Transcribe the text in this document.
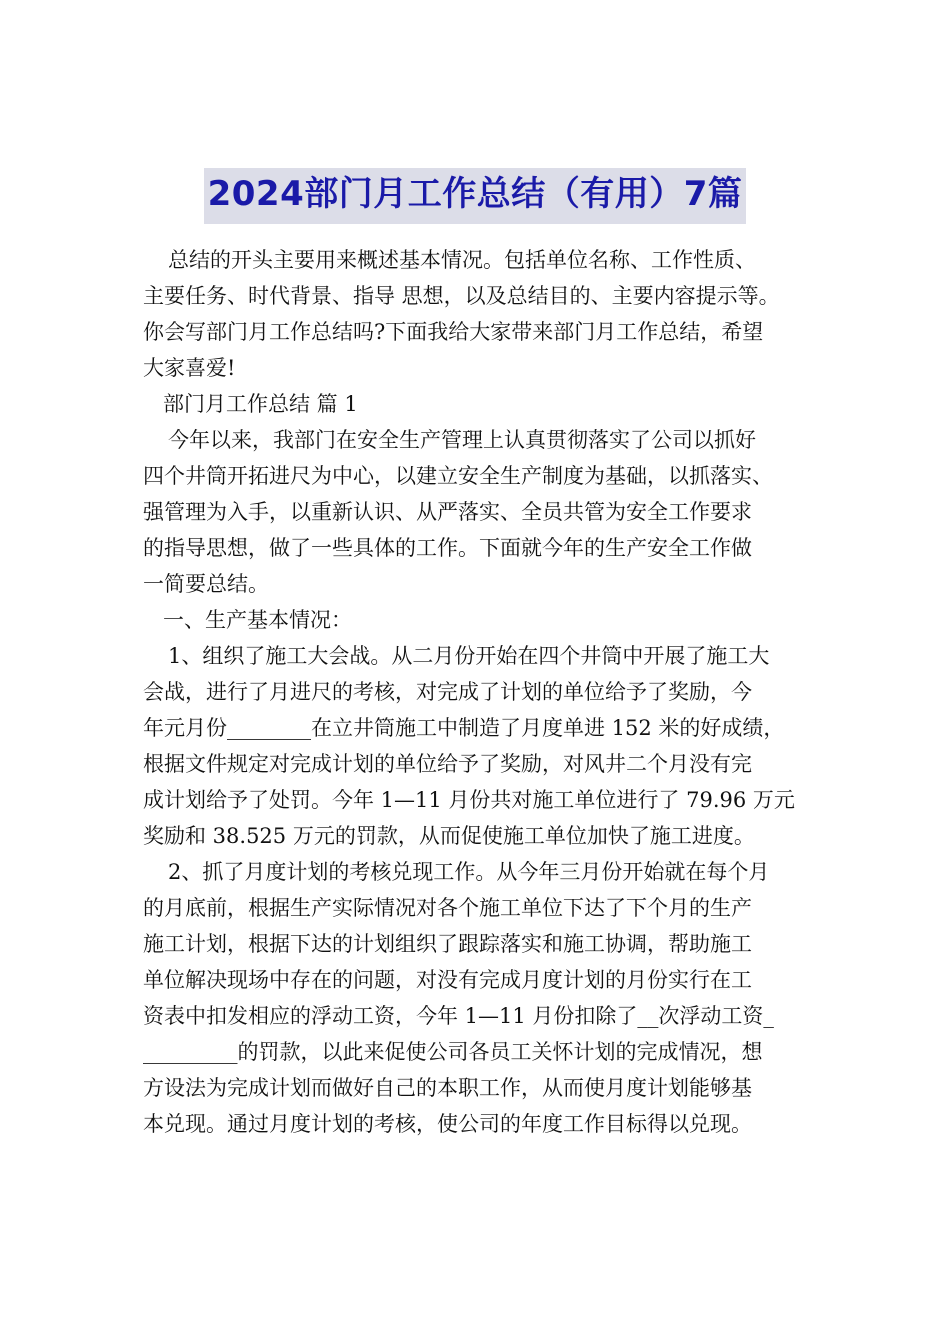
2024部门月工作总结（有用）7篇
总结的开头主要用来概述基本情况。包括单位名称、工作性质、
主要任务、时代背景、指导 思想，以及总结目的、主要内容提示等。
你会写部门月工作总结吗?下面我给大家带来部门月工作总结，希望
大家喜爱!
部门月工作总结 篇 1
今年以来，我部门在安全生产管理上认真贯彻落实了公司以抓好
四个井筒开拓进尺为中心，以建立安全生产制度为基础，以抓落实、
强管理为入手，以重新认识、从严落实、全员共管为安全工作要求
的指导思想，做了一些具体的工作。下面就今年的生产安全工作做
一简要总结。
一、生产基本情况：
1、组织了施工大会战。从二月份开始在四个井筒中开展了施工大
会战，进行了月进尺的考核，对完成了计划的单位给予了奖励，今
年元月份________在立井筒施工中制造了月度单进 152 米的好成绩，
根据文件规定对完成计划的单位给予了奖励，对风井二个月没有完
成计划给予了处罚。今年 1—11 月份共对施工单位进行了 79.96 万元
奖励和 38.525 万元的罚款，从而促使施工单位加快了施工进度。
2、抓了月度计划的考核兑现工作。从今年三月份开始就在每个月
的月底前，根据生产实际情况对各个施工单位下达了下个月的生产
施工计划，根据下达的计划组织了跟踪落实和施工协调，帮助施工
单位解决现场中存在的问题，对没有完成月度计划的月份实行在工
资表中扣发相应的浮动工资，今年 1—11 月份扣除了__次浮动工资_
_________的罚款，以此来促使公司各员工关怀计划的完成情况，想
方设法为完成计划而做好自己的本职工作，从而使月度计划能够基
本兑现。通过月度计划的考核，使公司的年度工作目标得以兑现。
